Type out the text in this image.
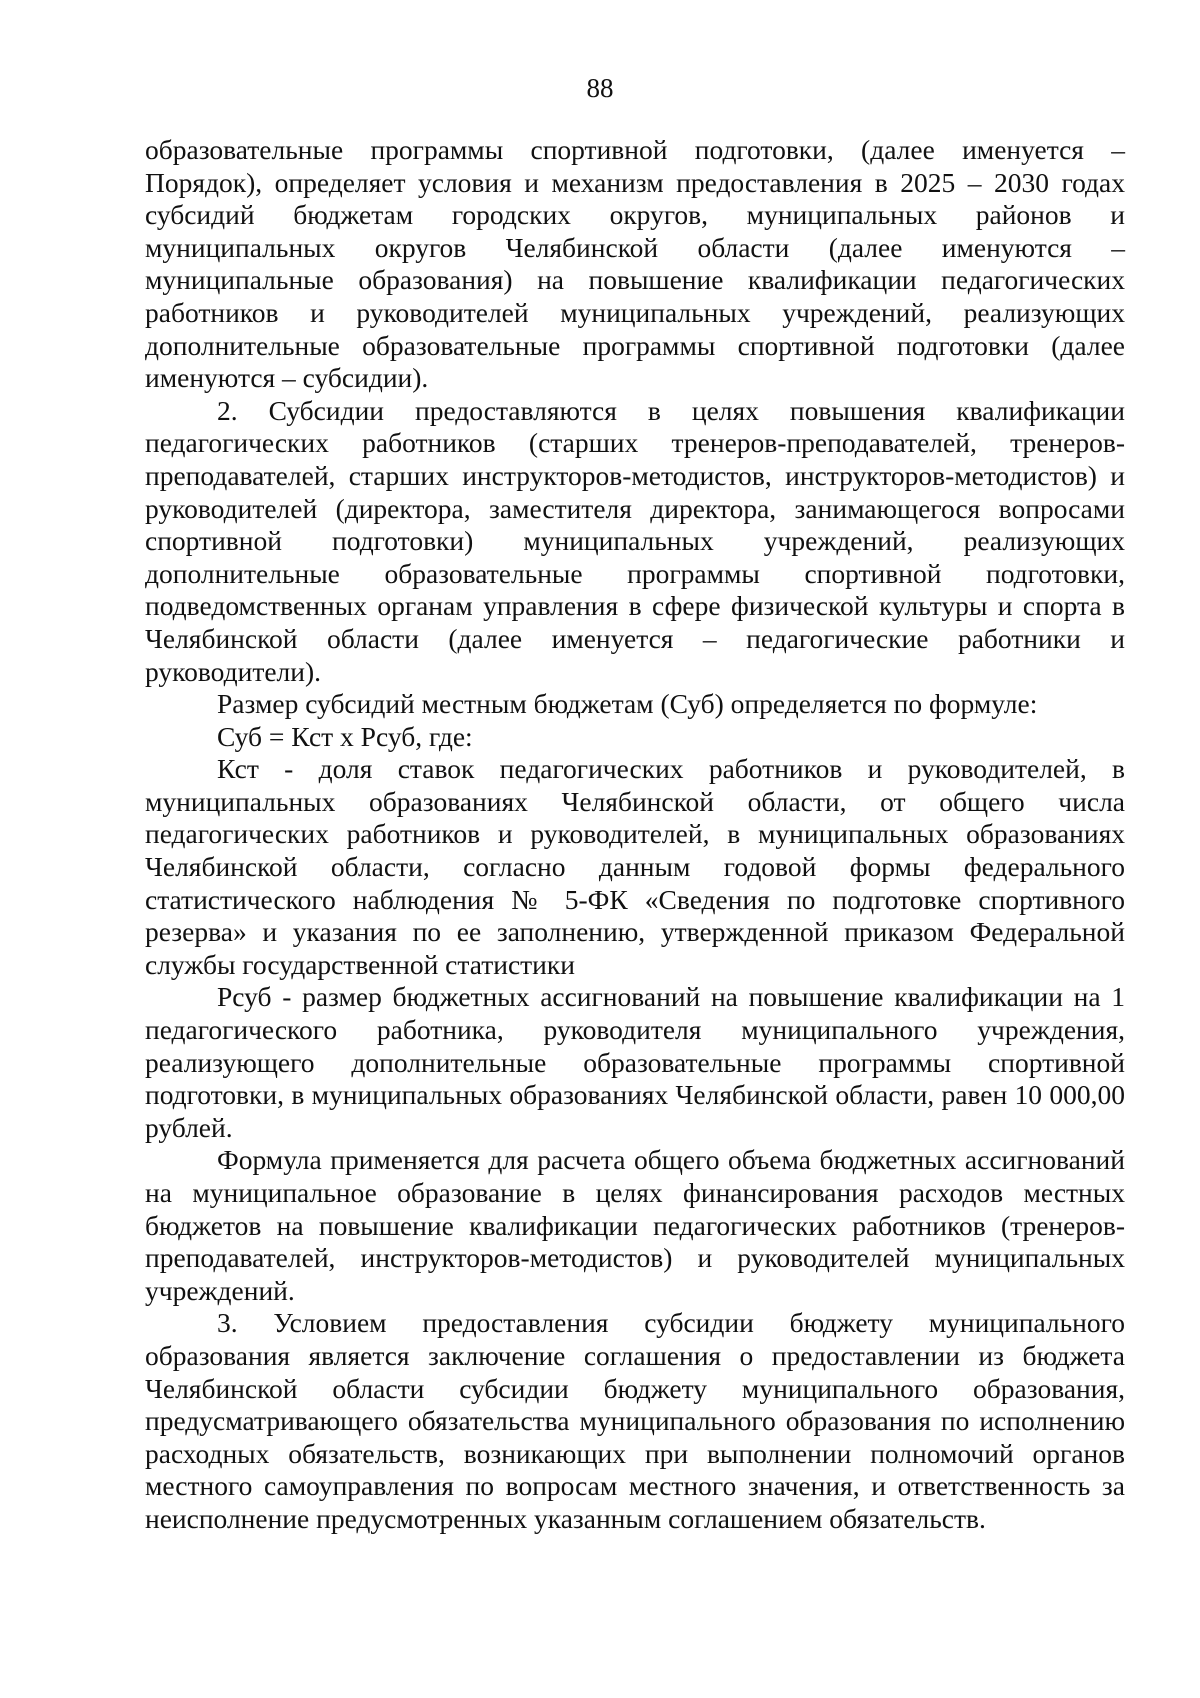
88

образовательные программы спортивной подготовки, (далее именуется – Порядок), определяет условия и механизм предоставления в 2025 – 2030 годах субсидий бюджетам городских округов, муниципальных районов и муниципальных округов Челябинской области (далее именуются – муниципальные образования) на повышение квалификации педагогических работников и руководителей муниципальных учреждений, реализующих дополнительные образовательные программы спортивной подготовки (далее именуются – субсидии).

2. Субсидии предоставляются в целях повышения квалификации педагогических работников (старших тренеров-преподавателей, тренеров-преподавателей, старших инструкторов-методистов, инструкторов-методистов) и руководителей (директора, заместителя директора, занимающегося вопросами спортивной подготовки) муниципальных учреждений, реализующих дополнительные образовательные программы спортивной подготовки, подведомственных органам управления в сфере физической культуры и спорта в Челябинской области (далее именуется – педагогические работники и руководители).

Размер субсидий местным бюджетам (Суб) определяется по формуле:

Суб = Кст х Рсуб, где:

Кст - доля ставок педагогических работников и руководителей, в муниципальных образованиях Челябинской области, от общего числа педагогических работников и руководителей, в муниципальных образованиях Челябинской области, согласно данным годовой формы федерального статистического наблюдения № 5-ФК «Сведения по подготовке спортивного резерва» и указания по ее заполнению, утвержденной приказом Федеральной службы государственной статистики

Рсуб - размер бюджетных ассигнований на повышение квалификации на 1 педагогического работника, руководителя муниципального учреждения, реализующего дополнительные образовательные программы спортивной подготовки, в муниципальных образованиях Челябинской области, равен 10 000,00 рублей.

Формула применяется для расчета общего объема бюджетных ассигнований на муниципальное образование в целях финансирования расходов местных бюджетов на повышение квалификации педагогических работников (тренеров-преподавателей, инструкторов-методистов) и руководителей муниципальных учреждений.

3. Условием предоставления субсидии бюджету муниципального образования является заключение соглашения о предоставлении из бюджета Челябинской области субсидии бюджету муниципального образования, предусматривающего обязательства муниципального образования по исполнению расходных обязательств, возникающих при выполнении полномочий органов местного самоуправления по вопросам местного значения, и ответственность за неисполнение предусмотренных указанным соглашением обязательств.
